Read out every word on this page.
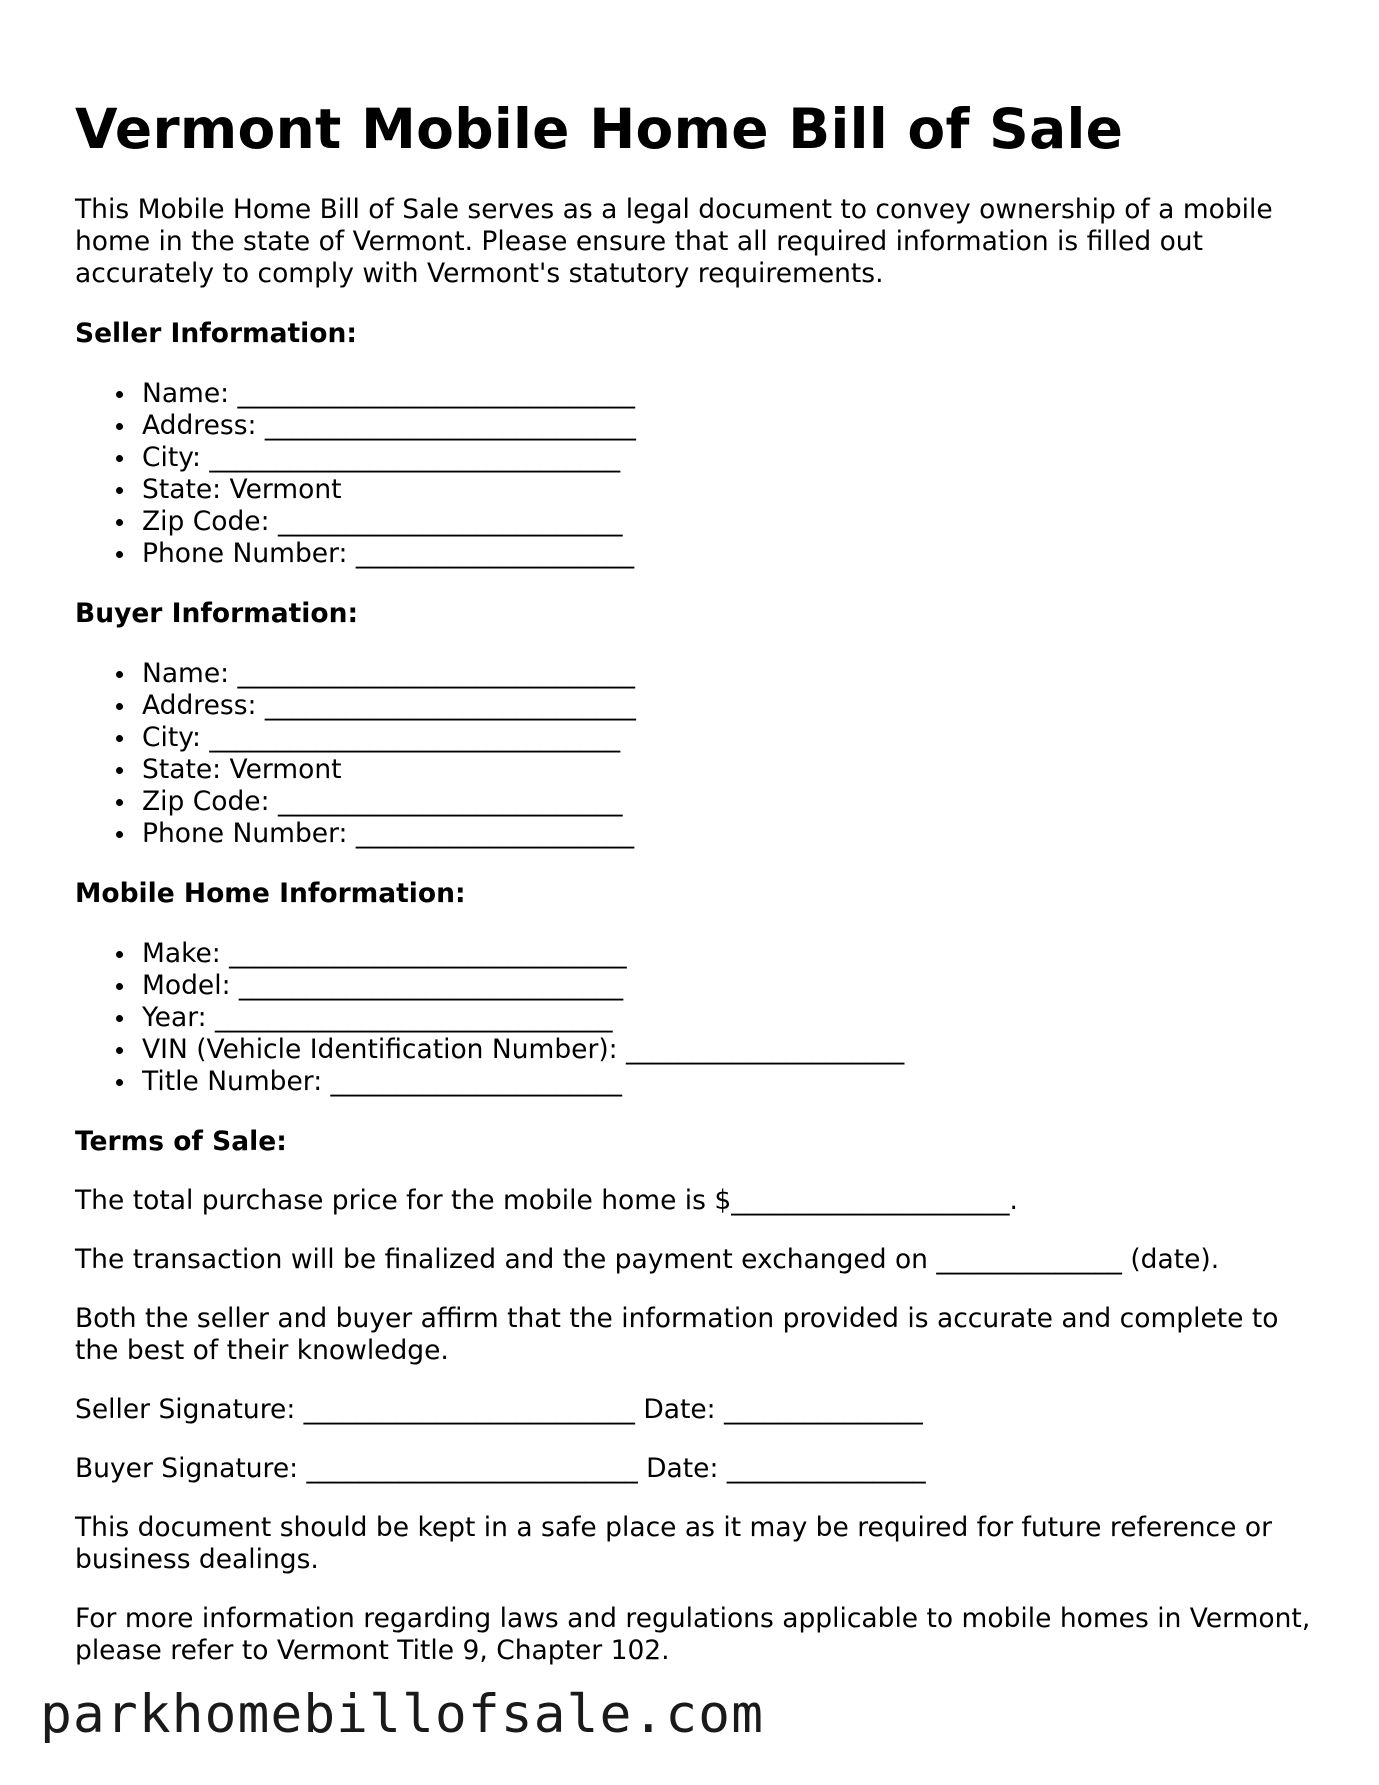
Vermont Mobile Home Bill of Sale

This Mobile Home Bill of Sale serves as a legal document to convey ownership of a mobile home in the state of Vermont. Please ensure that all required information is filled out accurately to comply with Vermont's statutory requirements.

Seller Information:
Name: ______________________________
Address: ____________________________
City: _______________________________
State: Vermont
Zip Code: __________________________
Phone Number: _____________________
Buyer Information:
Name: ______________________________
Address: ____________________________
City: _______________________________
State: Vermont
Zip Code: __________________________
Phone Number: _____________________
Mobile Home Information:
Make: ______________________________
Model: _____________________________
Year: ______________________________
VIN (Vehicle Identification Number): _____________________
Title Number: ______________________
Terms of Sale:

The total purchase price for the mobile home is $_____________________.

The transaction will be finalized and the payment exchanged on ______________ (date).

Both the seller and buyer affirm that the information provided is accurate and complete to the best of their knowledge.

Seller Signature: _________________________ Date: _______________

Buyer Signature: _________________________ Date: _______________

This document should be kept in a safe place as it may be required for future reference or business dealings.

For more information regarding laws and regulations applicable to mobile homes in Vermont, please refer to Vermont Title 9, Chapter 102.

parkhomebillofsale.com
